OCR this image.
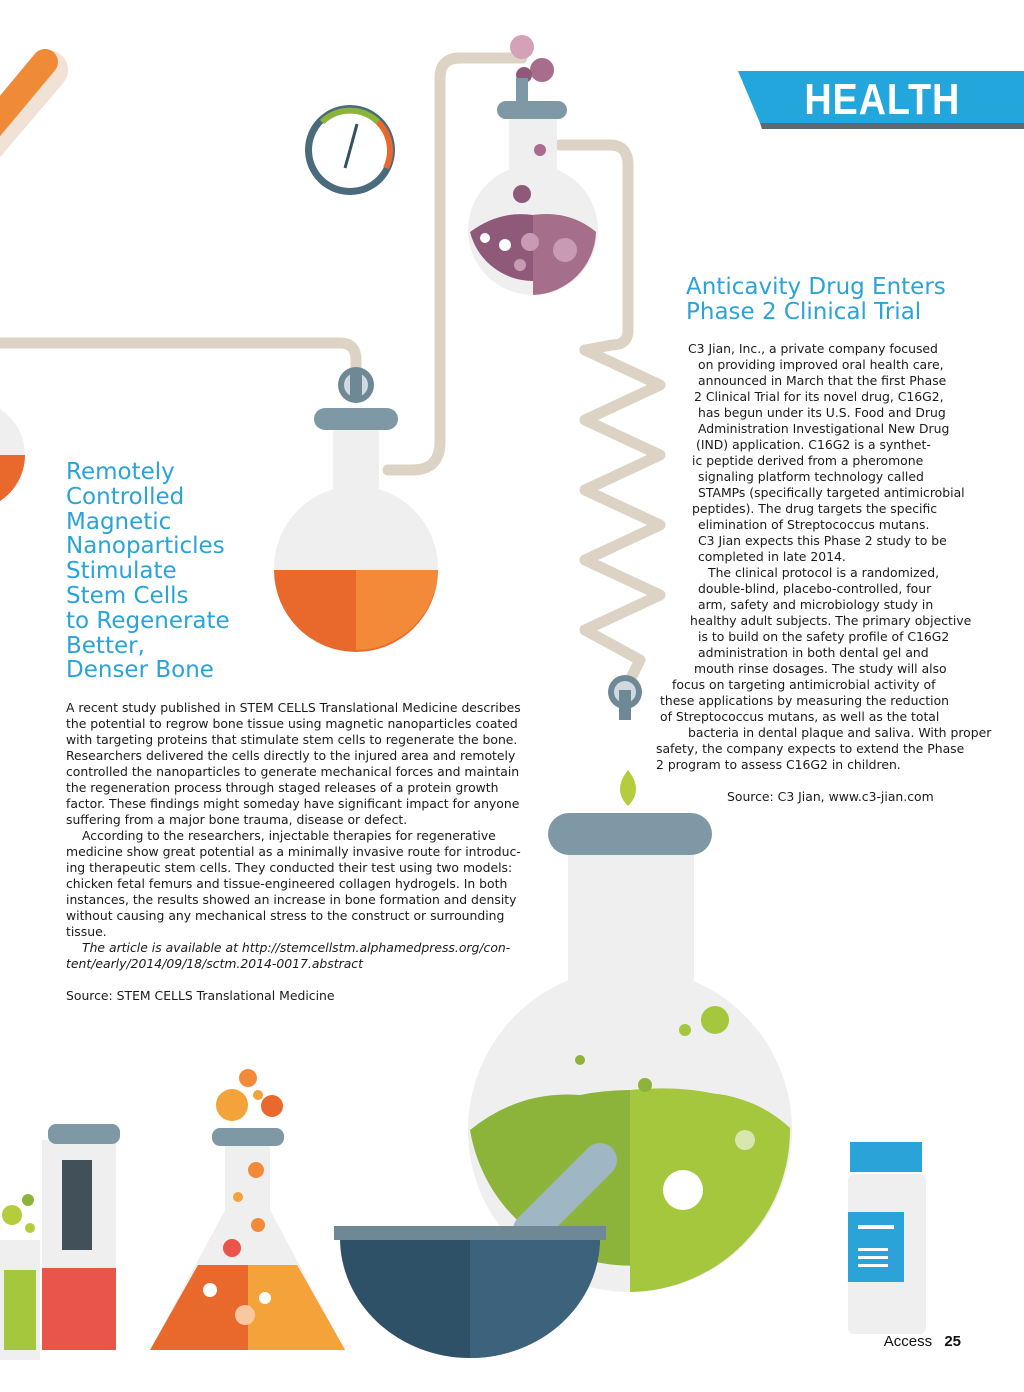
HEALTH
Remotely
Controlled
Magnetic
Nanoparticles
Stimulate
Stem Cells
to Regenerate
Better,
Denser Bone
A recent study published in STEM CELLS Translational Medicine describes
the potential to regrow bone tissue using magnetic nanoparticles coated
with targeting proteins that stimulate stem cells to regenerate the bone.
Researchers delivered the cells directly to the injured area and remotely
controlled the nanoparticles to generate mechanical forces and maintain
the regeneration process through staged releases of a protein growth
factor. These findings might someday have significant impact for anyone
suffering from a major bone trauma, disease or defect.
According to the researchers, injectable therapies for regenerative
medicine show great potential as a minimally invasive route for introduc-
ing therapeutic stem cells. They conducted their test using two models:
chicken fetal femurs and tissue-engineered collagen hydrogels. In both
instances, the results showed an increase in bone formation and density
without causing any mechanical stress to the construct or surrounding
tissue.
The article is available at http://stemcellstm.alphamedpress.org/con-
tent/early/2014/09/18/sctm.2014-0017.abstract
Source: STEM CELLS Translational Medicine
Anticavity Drug Enters
Phase 2 Clinical Trial
C3 Jian, Inc., a private company focused
on providing improved oral health care,
announced in March that the first Phase
2 Clinical Trial for its novel drug, C16G2,
has begun under its U.S. Food and Drug
Administration Investigational New Drug
(IND) application. C16G2 is a synthet-
ic peptide derived from a pheromone
signaling platform technology called
STAMPs (specifically targeted antimicrobial
peptides). The drug targets the specific
elimination of Streptococcus mutans.
C3 Jian expects this Phase 2 study to be
completed in late 2014.
The clinical protocol is a randomized,
double-blind, placebo-controlled, four
arm, safety and microbiology study in
healthy adult subjects. The primary objective
is to build on the safety profile of C16G2
administration in both dental gel and
mouth rinse dosages. The study will also
focus on targeting antimicrobial activity of
these applications by measuring the reduction
of Streptococcus mutans, as well as the total
bacteria in dental plaque and saliva. With proper
safety, the company expects to extend the Phase
2 program to assess C16G2 in children.
Source: C3 Jian, www.c3-jian.com
Access 25
